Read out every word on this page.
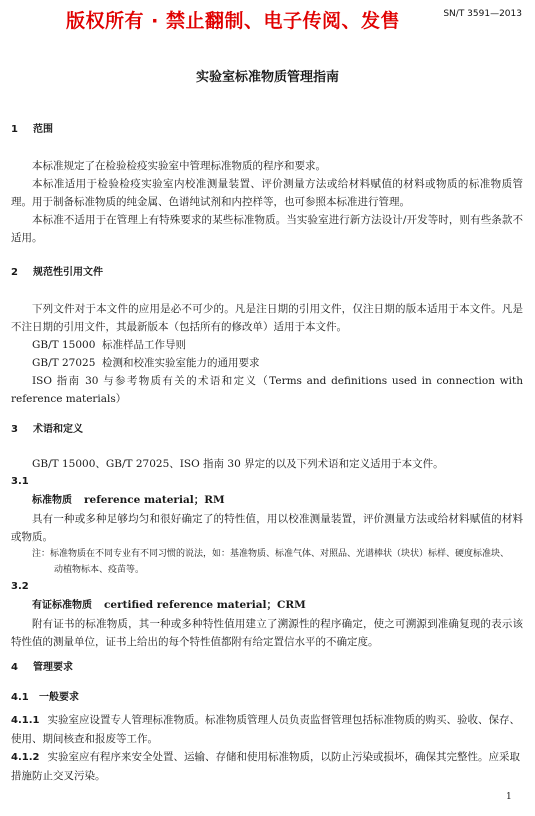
版权所有 · 禁止翻制、电子传阅、发售	SN/T 3591—2013
实验室标准物质管理指南
1 范围
本标准规定了在检验检疫实验室中管理标准物质的程序和要求。
本标准适用于检验检疫实验室内校准测量装置、评价测量方法或给材料赋值的材料或物质的标准物质管理。用于制备标准物质的纯金属、色谱纯试剂和内控样等，也可参照本标准进行管理。
本标准不适用于在管理上有特殊要求的某些标准物质。当实验室进行新方法设计/开发等时，则有些条款不适用。
2 规范性引用文件
下列文件对于本文件的应用是必不可少的。凡是注日期的引用文件，仅注日期的版本适用于本文件。凡是不注日期的引用文件，其最新版本（包括所有的修改单）适用于本文件。
GB/T 15000 标准样品工作导则
GB/T 27025 检测和校准实验室能力的通用要求
ISO 指南 30 与参考物质有关的术语和定义（Terms and definitions used in connection with reference materials）
3 术语和定义
GB/T 15000、GB/T 27025、ISO 指南 30 界定的以及下列术语和定义适用于本文件。
3.1
标准物质 reference material；RM
具有一种或多种足够均匀和很好确定了的特性值，用以校准测量装置，评价测量方法或给材料赋值的材料或物质。
注：标准物质在不同专业有不同习惯的说法，如：基准物质、标准气体、对照品、光谱棒状（块状）标样、硬度标准块、
动植物标本、疫苗等。
3.2
有证标准物质 certified reference material；CRM
附有证书的标准物质，其一种或多种特性值用建立了溯源性的程序确定，使之可溯源到准确复现的表示该特性值的测量单位，证书上给出的每个特性值都附有给定置信水平的不确定度。
4 管理要求
4.1 一般要求
4.1.1 实验室应设置专人管理标准物质。标准物质管理人员负责监督管理包括标准物质的购买、验收、保存、使用、期间核查和报废等工作。
4.1.2 实验室应有程序来安全处置、运输、存储和使用标准物质，以防止污染或损坏，确保其完整性。应采取措施防止交叉污染。
1
